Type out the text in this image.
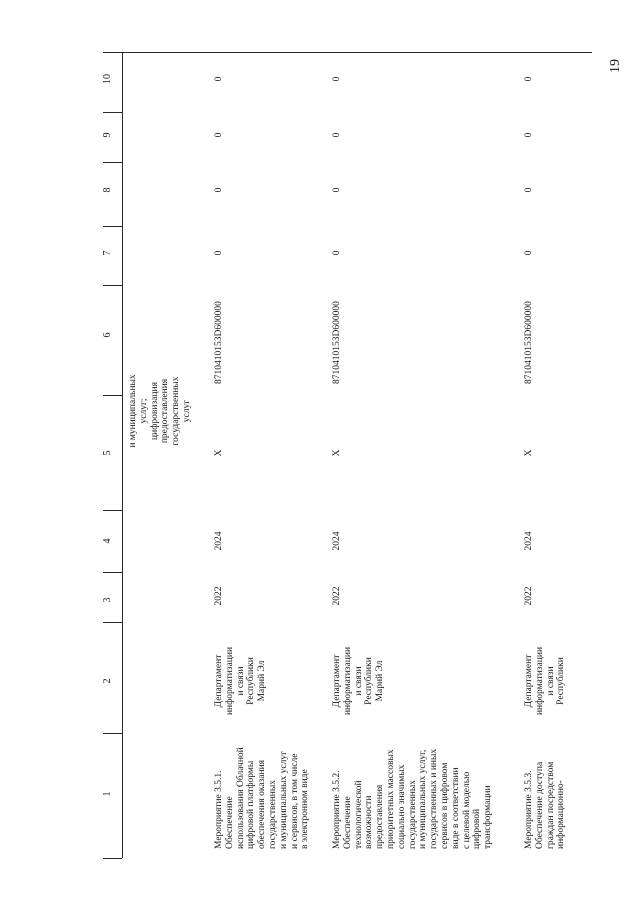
19
1
2
3
4
5
6
7
8
9
10
и муниципальных услуг; цифровизация предоставления государственных услуг
Мероприятие 3.5.1. Обеспечение использования Облачной цифровой платформы обеспечения оказания государственных и муниципальных услуг и сервисов, в том числе в электронном виде
Департамент информатизации и связи Республики Марий Эл
2022
2024
Х
871041015ЗD600000
0
0
0
0
Мероприятие 3.5.2. Обеспечение технологической возможности предоставления приоритетных массовых социально значимых государственных и муниципальных услуг, государственных и иных сервисов в цифровом виде в соответствии с целевой моделью цифровой трансформации
Департамент информатизации и связи Республики Марий Эл
2022
2024
Х
871041015ЗD600000
0
0
0
0
Мероприятие 3.5.3. Обеспечение доступа граждан посредством информационно-
Департамент информатизации и связи Республики
2022
2024
Х
871041015ЗD600000
0
0
0
0
